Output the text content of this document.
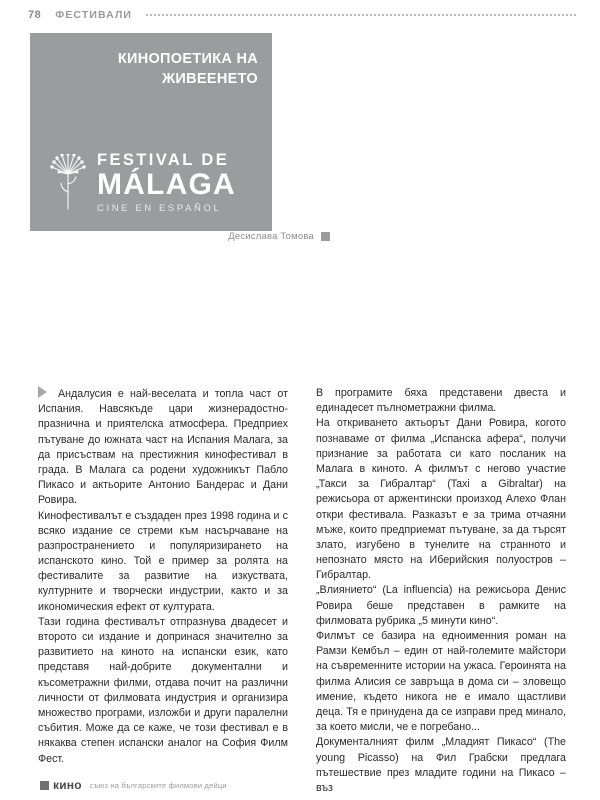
78 ФЕСТИВАЛИ
КИНОПОЕТИКА НА
ЖИВЕЕНЕТО
FESTIVAL DE
MÁLAGA
CINE EN ESPAÑOL
Десислава Томова

Андалусия е най-веселата и топла част от Испания. Навсякъде цари жизнерадостно-празнична и приятелска атмосфера. Предприех пътуване до южната част на Испания Малага, за да присъствам на престижния кинофестивал в града. В Малага са родени художникът Пабло Пикасо и актьорите Антонио Бандерас и Дани Ровира.

Кинофестивалът е създаден през 1998 година и с всяко издание се стреми към насърчаване на разпространението и популяризирането на испанското кино. Той е пример за ролята на фестивалите за развитие на изкуствата, културните и творчески индустрии, както и за икономическия ефект от културата.

Тази година фестивалът отпразнува двадесет и второто си издание и допринася значително за развитието на киното на испански език, като представя най-добрите документални и късометражни филми, отдава почит на различни личности от филмовата индустрия и организира множество програми, изложби и други паралелни събития. Може да се каже, че този фестивал е в някаква степен испански аналог на София Филм Фест.

В програмите бяха представени двеста и единадесет пълнометражни филма.

На откриването актьорът Дани Ровира, когото познаваме от филма „Испанска афера“, получи признание за работата си като посланик на Малага в киното. А филмът с негово участие „Такси за Гибралтар“ (Taxi a Gibraltar) на режисьора от аржентински произход Алехо Флан откри фестивала. Разказът е за трима отчаяни мъже, които предприемат пътуване, за да търсят злато, изгубено в тунелите на странното и непознато място на Иберийския полуостров – Гибралтар.

„Влиянието“ (La influencia) на режисьора Денис Ровира беше представен в рамките на филмовата рубрика „5 минути кино“.

Филмът се базира на едноименния роман на Рамзи Кембъл – един от най-големите майстори на съвременните истории на ужаса. Героинята на филма Алисия се завръща в дома си – зловещо имение, където никога не е имало щастливи деца. Тя е принудена да се изправи пред минало, за което мисли, че е погребано...

Документалният филм „Младият Пикасо“ (The young Picasso) на Фил Грабски предлага пътешествие през младите години на Пикасо – въз

кино съюз на българските филмови дейци
